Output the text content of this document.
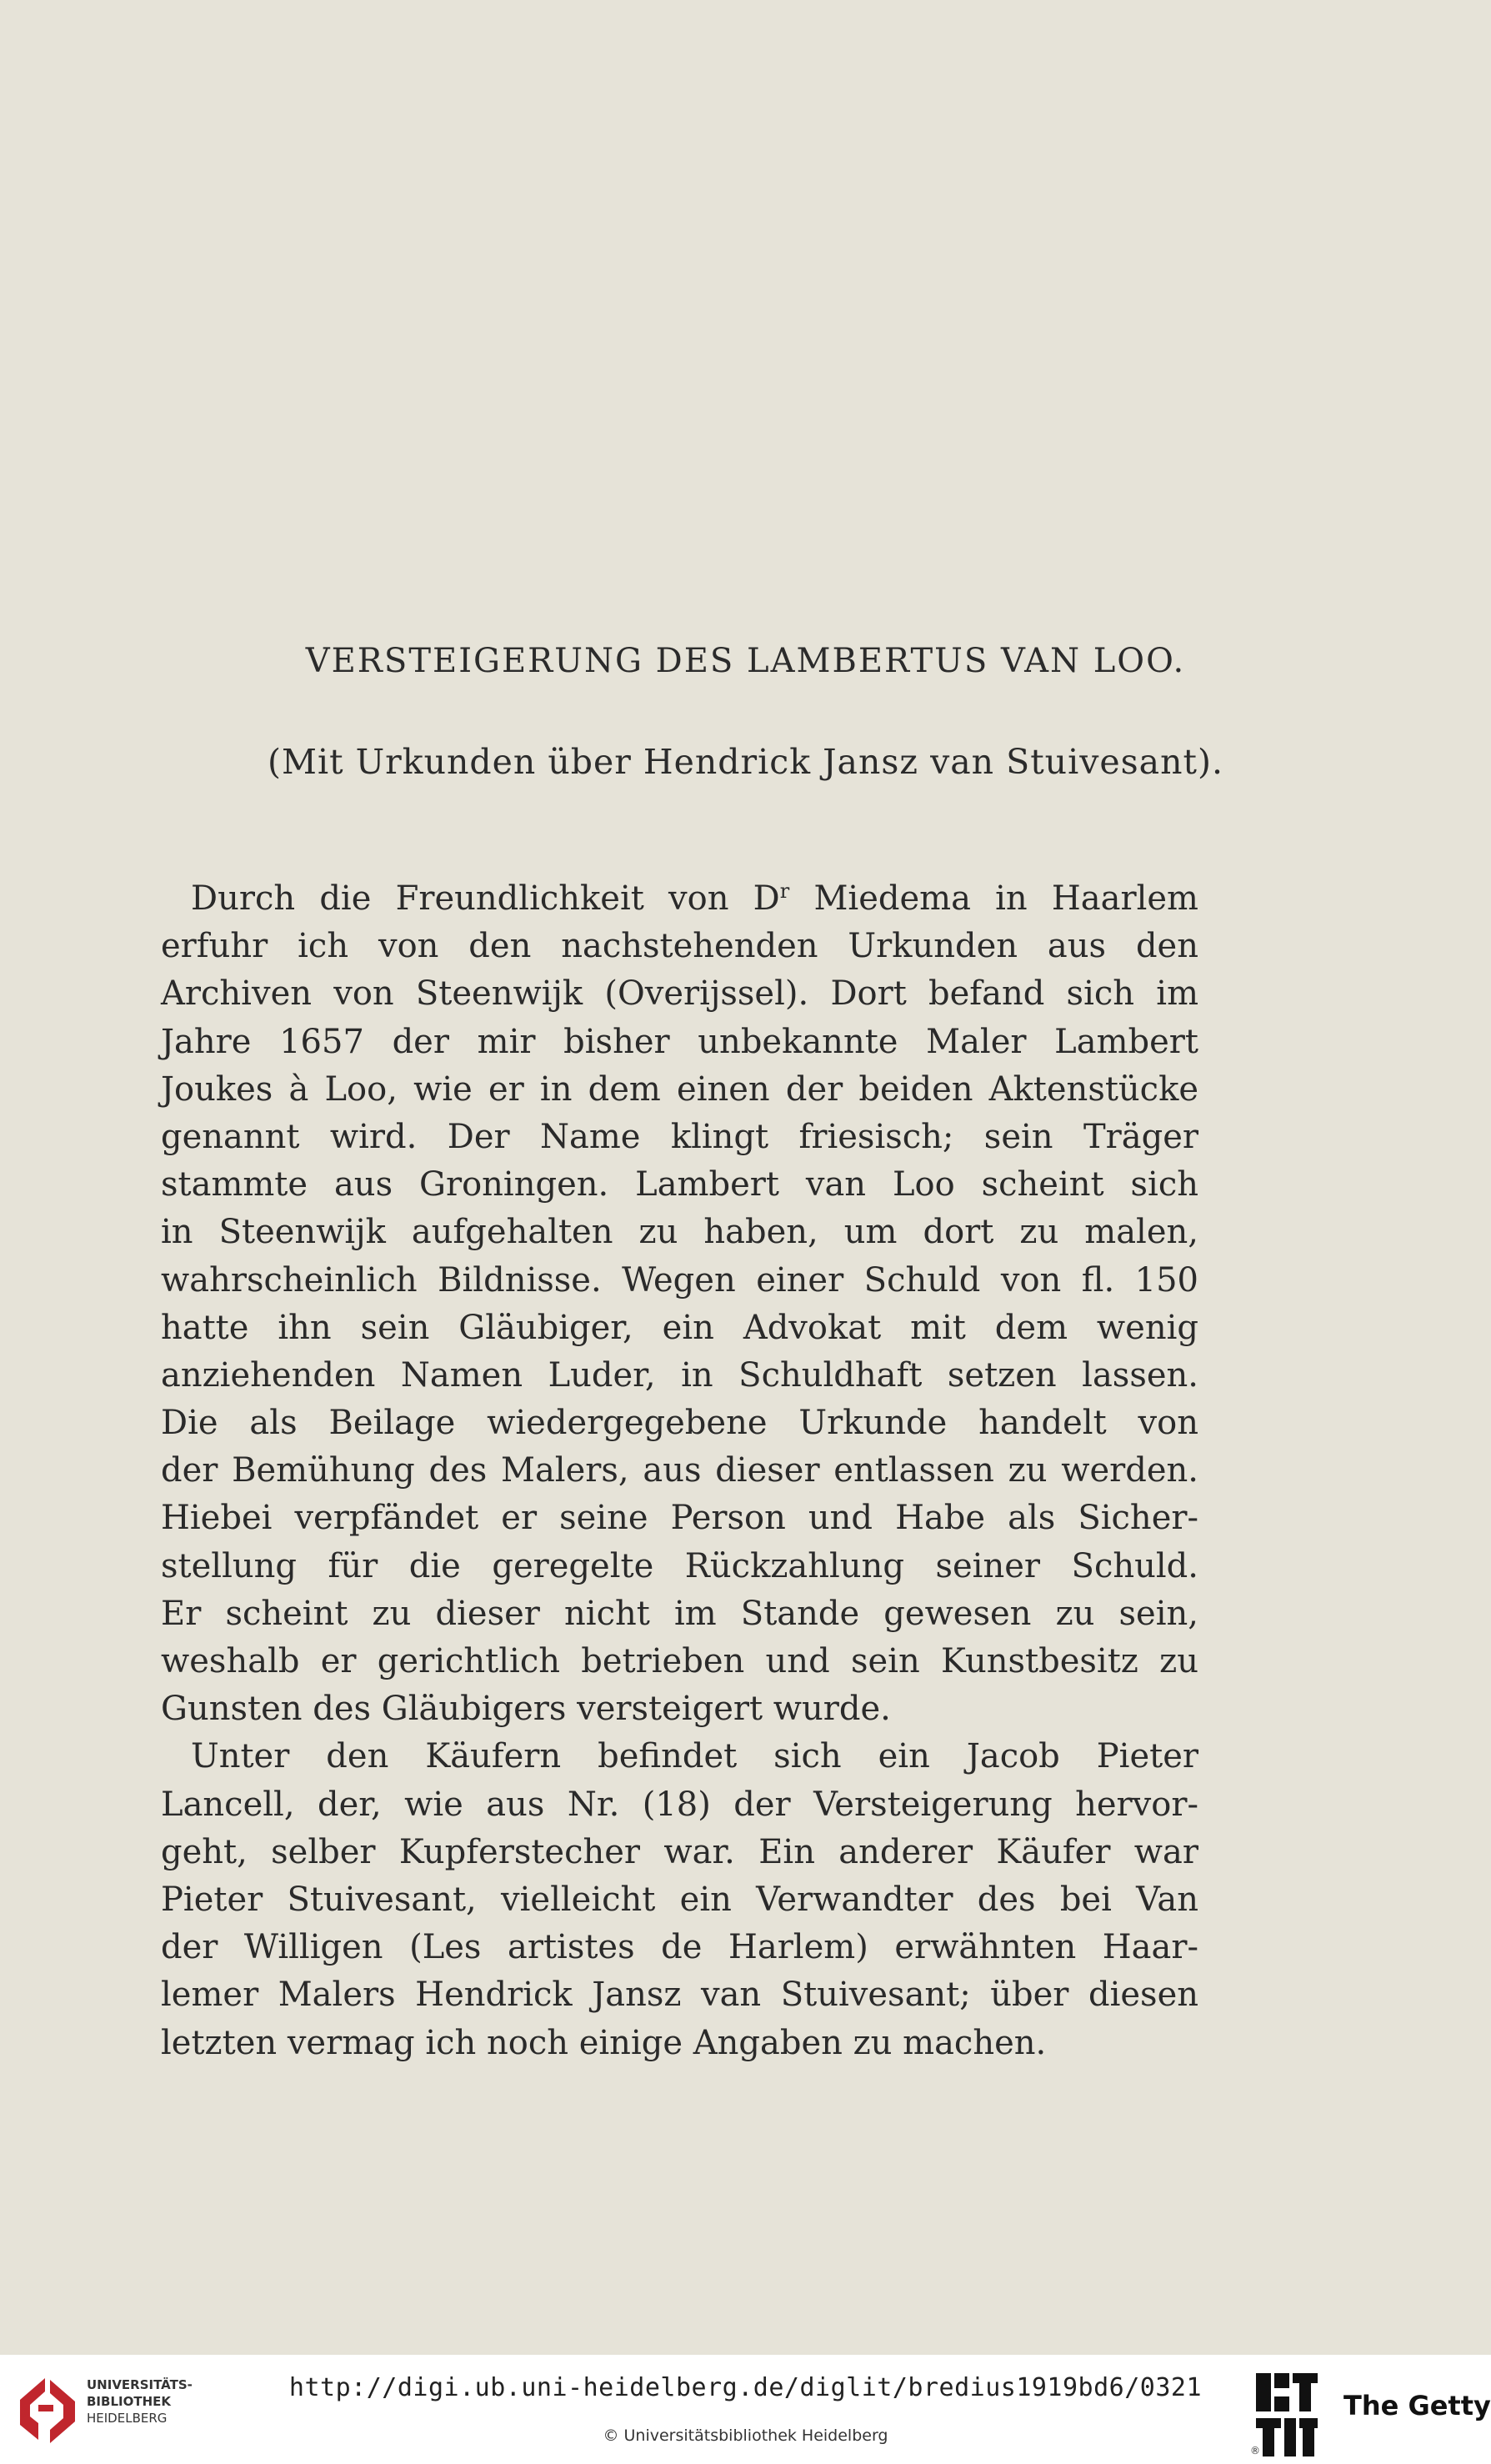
VERSTEIGERUNG DES LAMBERTUS VAN LOO.
(Mit Urkunden über Hendrick Jansz van Stuivesant).
Durch die Freundlichkeit von $D^r$ Miedema in Haarlem
erfuhr ich von den nachstehenden Urkunden aus den
Archiven von Steenwijk (Overijssel). Dort befand sich im
Jahre 1657 der mir bisher unbekannte Maler Lambert
Joukes à Loo, wie er in dem einen der beiden Aktenstücke
genannt wird. Der Name klingt friesisch; sein Träger
stammte aus Groningen. Lambert van Loo scheint sich
in Steenwijk aufgehalten zu haben, um dort zu malen,
wahrscheinlich Bildnisse. Wegen einer Schuld von fl. 150
hatte ihn sein Gläubiger, ein Advokat mit dem wenig
anziehenden Namen Luder, in Schuldhaft setzen lassen.
Die als Beilage wiedergegebene Urkunde handelt von
der Bemühung des Malers, aus dieser entlassen zu werden.
Hiebei verpfändet er seine Person und Habe als Sicher-
stellung für die geregelte Rückzahlung seiner Schuld.
Er scheint zu dieser nicht im Stande gewesen zu sein,
weshalb er gerichtlich betrieben und sein Kunstbesitz zu
Gunsten des Gläubigers versteigert wurde.
Unter den Käufern befindet sich ein Jacob Pieter
Lancell, der, wie aus Nr. (18) der Versteigerung hervor-
geht, selber Kupferstecher war. Ein anderer Käufer war
Pieter Stuivesant, vielleicht ein Verwandter des bei Van
der Willigen (Les artistes de Harlem) erwähnten Haar-
lemer Malers Hendrick Jansz van Stuivesant; über diesen
letzten vermag ich noch einige Angaben zu machen.
UNIVERSITÄTS-
BIBLIOTHEK
HEIDELBERG
http://digi.ub.uni-heidelberg.de/diglit/bredius1919bd6/0321
© Universitätsbibliothek Heidelberg
®
The Getty
